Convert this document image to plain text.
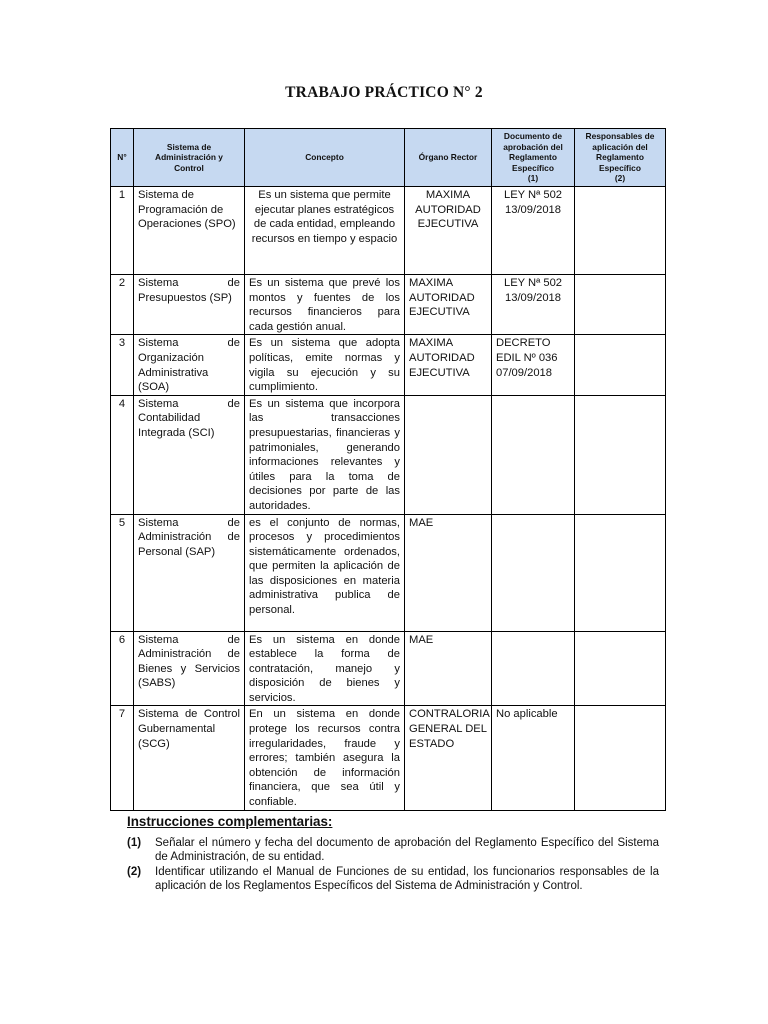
TRABAJO PRÁCTICO N° 2
N°	Sistema de
Administración y
Control	Concepto	Órgano Rector	Documento de
aprobación del
Reglamento
Específico
(1)	Responsables de
aplicación del
Reglamento
Específico
(2)
1	Sistema de Programación de Operaciones (SPO)	Es un sistema que permite ejecutar planes estratégicos de cada entidad, empleando recursos en tiempo y espacio	MAXIMA AUTORIDAD EJECUTIVA	LEY Nª 502
13/09/2018	
2	Sistema de Presupuestos (SP)	Es un sistema que prevé los montos y fuentes de los recursos financieros para cada gestión anual.	MAXIMA AUTORIDAD EJECUTIVA	LEY Nª 502
13/09/2018	
3	Sistema de Organización Administrativa (SOA)	Es un sistema que adopta políticas, emite normas y vigila su ejecución y su cumplimiento.	MAXIMA AUTORIDAD EJECUTIVA	DECRETO EDIL Nº 036 07/09/2018	
4	Sistema de Contabilidad Integrada (SCI)	Es un sistema que incorpora las transacciones presupuestarias, financieras y patrimoniales, generando informaciones relevantes y útiles para la toma de decisiones por parte de las autoridades.			
5	Sistema de Administración de Personal (SAP)	es el conjunto de normas, procesos y procedimientos sistemáticamente ordenados, que permiten la aplicación de las disposiciones en materia administrativa publica de personal.	MAE		
6	Sistema de Administración de Bienes y Servicios (SABS)	Es un sistema en donde establece la forma de contratación, manejo y disposición de bienes y servicios.	MAE		
7	Sistema de Control Gubernamental (SCG)	En un sistema en donde protege los recursos contra irregularidades, fraude y errores; también asegura la obtención de información financiera, que sea útil y confiable.	CONTRALORIA GENERAL DEL ESTADO	No aplicable	
Instrucciones complementarias:
(1)	Señalar el número y fecha del documento de aprobación del Reglamento Específico del Sistema de Administración, de su entidad.
(2)	Identificar utilizando el Manual de Funciones de su entidad, los funcionarios responsables de la aplicación de los Reglamentos Específicos del Sistema de Administración y Control.
